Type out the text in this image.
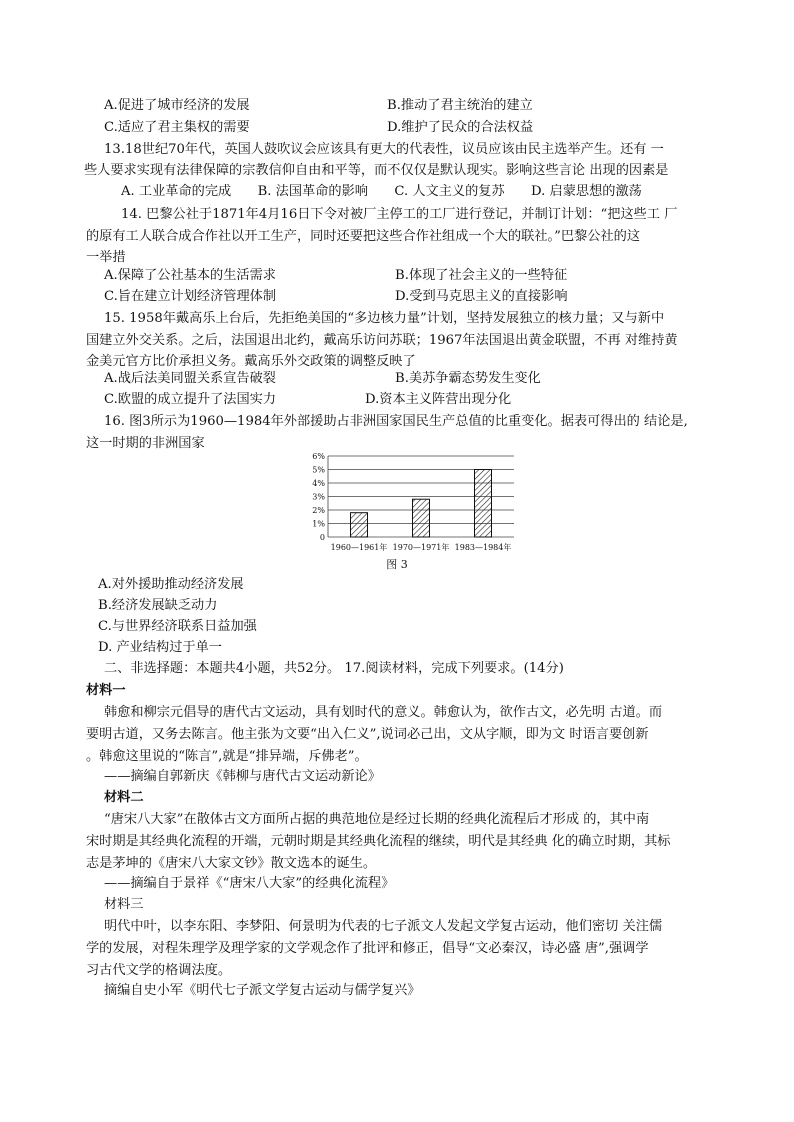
A.促进了城市经济的发展	B.推动了君主统治的建立
C.适应了君主集权的需要	D.维护了民众的合法权益
13.18世纪70年代，英国人鼓吹议会应该具有更大的代表性，议员应该由民主选举产生。还有 一
些人要求实现有法律保障的宗教信仰自由和平等，而不仅仅是默认现实。影响这些言论 出现的因素是
A. 工业革命的完成　　B. 法国革命的影响　　C. 人文主义的复苏　　D. 启蒙思想的激荡
14. 巴黎公社于1871年4月16日下令对被厂主停工的工厂进行登记，并制订计划：“把这些工 厂
的原有工人联合成合作社以开工生产，同时还要把这些合作社组成一个大的联社。”巴黎公社的这
一举措
A.保障了公社基本的生活需求	B.体现了社会主义的一些特征
C.旨在建立计划经济管理体制	D.受到马克思主义的直接影响
15. 1958年戴高乐上台后，先拒绝美国的“多边核力量”计划，坚持发展独立的核力量；又与新中
国建立外交关系。之后，法国退出北约，戴高乐访问苏联；1967年法国退出黄金联盟，不再 对维持黄
金美元官方比价承担义务。戴高乐外交政策的调整反映了
A.战后法美同盟关系宣告破裂	B.美苏争霸态势发生变化
C.欧盟的成立提升了法国实力	D.资本主义阵营出现分化
16. 图3所示为1960—1984年外部援助占非洲国家国民生产总值的比重变化。据表可得出的 结论是,
这一时期的非洲国家
0
1%
2%
3%
4%
5%
6%
1960—1961年 1970—1971年 1983—1984年
图 3
A.对外援助推动经济发展
B.经济发展缺乏动力
C.与世界经济联系日益加强
D. 产业结构过于单一
二、非选择题：本题共4小题，共52分。 17.阅读材料，完成下列要求。(14分)
材料一
韩愈和柳宗元倡导的唐代古文运动，具有划时代的意义。韩愈认为，欲作古文，必先明 古道。而
要明古道，又务去陈言。他主张为文要“出入仁义”,说词必己出，文从字顺，即为文 时语言要创新
。韩愈这里说的“陈言”,就是“排异端，斥佛老”。
——摘编自郭新庆《韩柳与唐代古文运动新论》
材料二
“唐宋八大家”在散体古文方面所占据的典范地位是经过长期的经典化流程后才形成 的，其中南
宋时期是其经典化流程的开端，元朝时期是其经典化流程的继续，明代是其经典 化的确立时期，其标
志是茅坤的《唐宋八大家文钞》散文选本的诞生。
——摘编自于景祥《“唐宋八大家”的经典化流程》
材料三
明代中叶，以李东阳、李梦阳、何景明为代表的七子派文人发起文学复古运动，他们密切 关注儒
学的发展，对程朱理学及理学家的文学观念作了批评和修正，倡导“文必秦汉，诗必盛 唐”,强调学
习古代文学的格调法度。
摘编自史小军《明代七子派文学复古运动与儒学复兴》
